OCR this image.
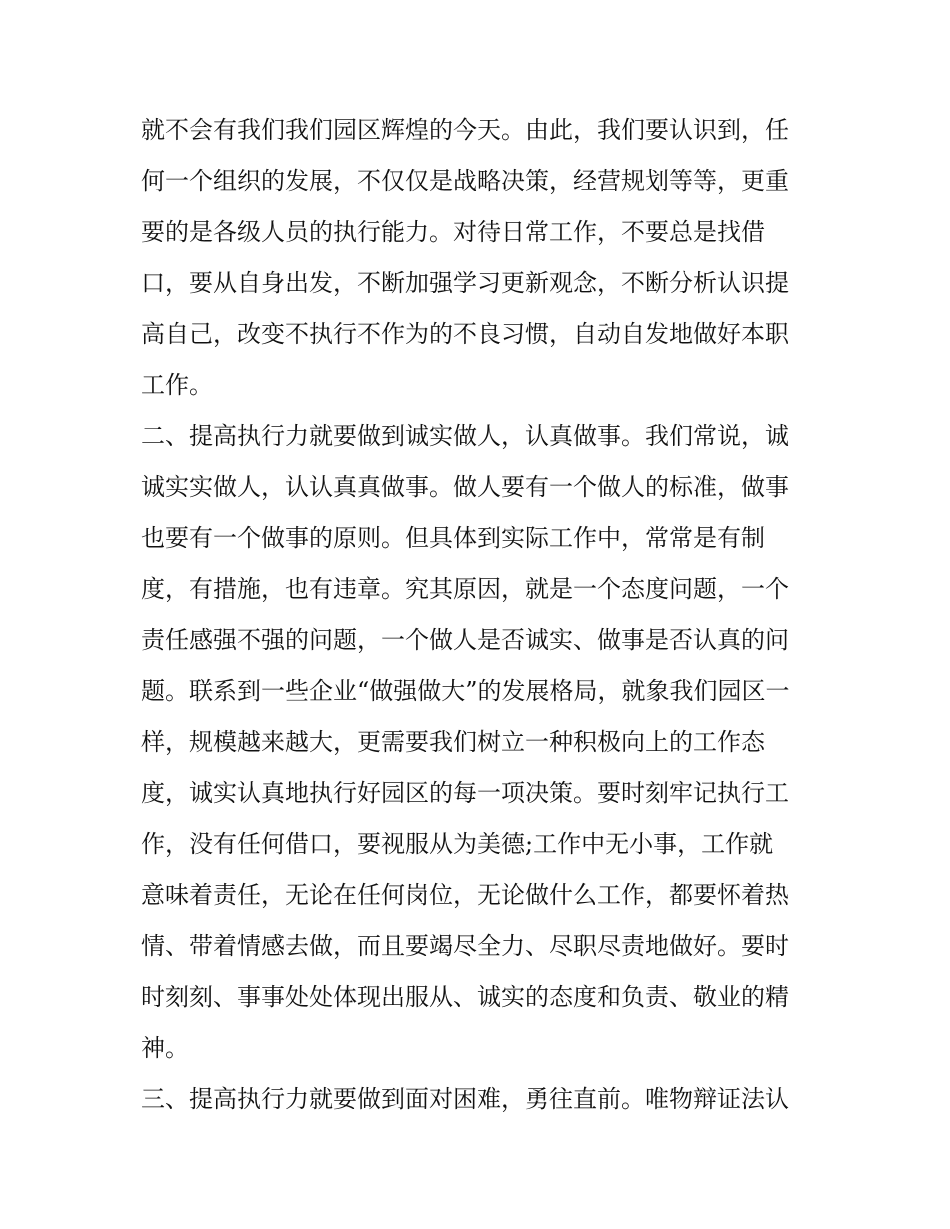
就不会有我们我们园区辉煌的今天。由此，我们要认识到，任
何一个组织的发展，不仅仅是战略决策，经营规划等等，更重
要的是各级人员的执行能力。对待日常工作，不要总是找借
口，要从自身出发，不断加强学习更新观念，不断分析认识提
高自己，改变不执行不作为的不良习惯，自动自发地做好本职
工作。
二、提高执行力就要做到诚实做人，认真做事。我们常说，诚
诚实实做人，认认真真做事。做人要有一个做人的标准，做事
也要有一个做事的原则。但具体到实际工作中，常常是有制
度，有措施，也有违章。究其原因，就是一个态度问题，一个
责任感强不强的问题，一个做人是否诚实、做事是否认真的问
题。联系到一些企业“做强做大”的发展格局，就象我们园区一
样，规模越来越大，更需要我们树立一种积极向上的工作态
度，诚实认真地执行好园区的每一项决策。要时刻牢记执行工
作，没有任何借口，要视服从为美德;工作中无小事，工作就
意味着责任，无论在任何岗位，无论做什么工作，都要怀着热
情、带着情感去做，而且要竭尽全力、尽职尽责地做好。要时
时刻刻、事事处处体现出服从、诚实的态度和负责、敬业的精
神。
三、提高执行力就要做到面对困难，勇往直前。唯物辩证法认
